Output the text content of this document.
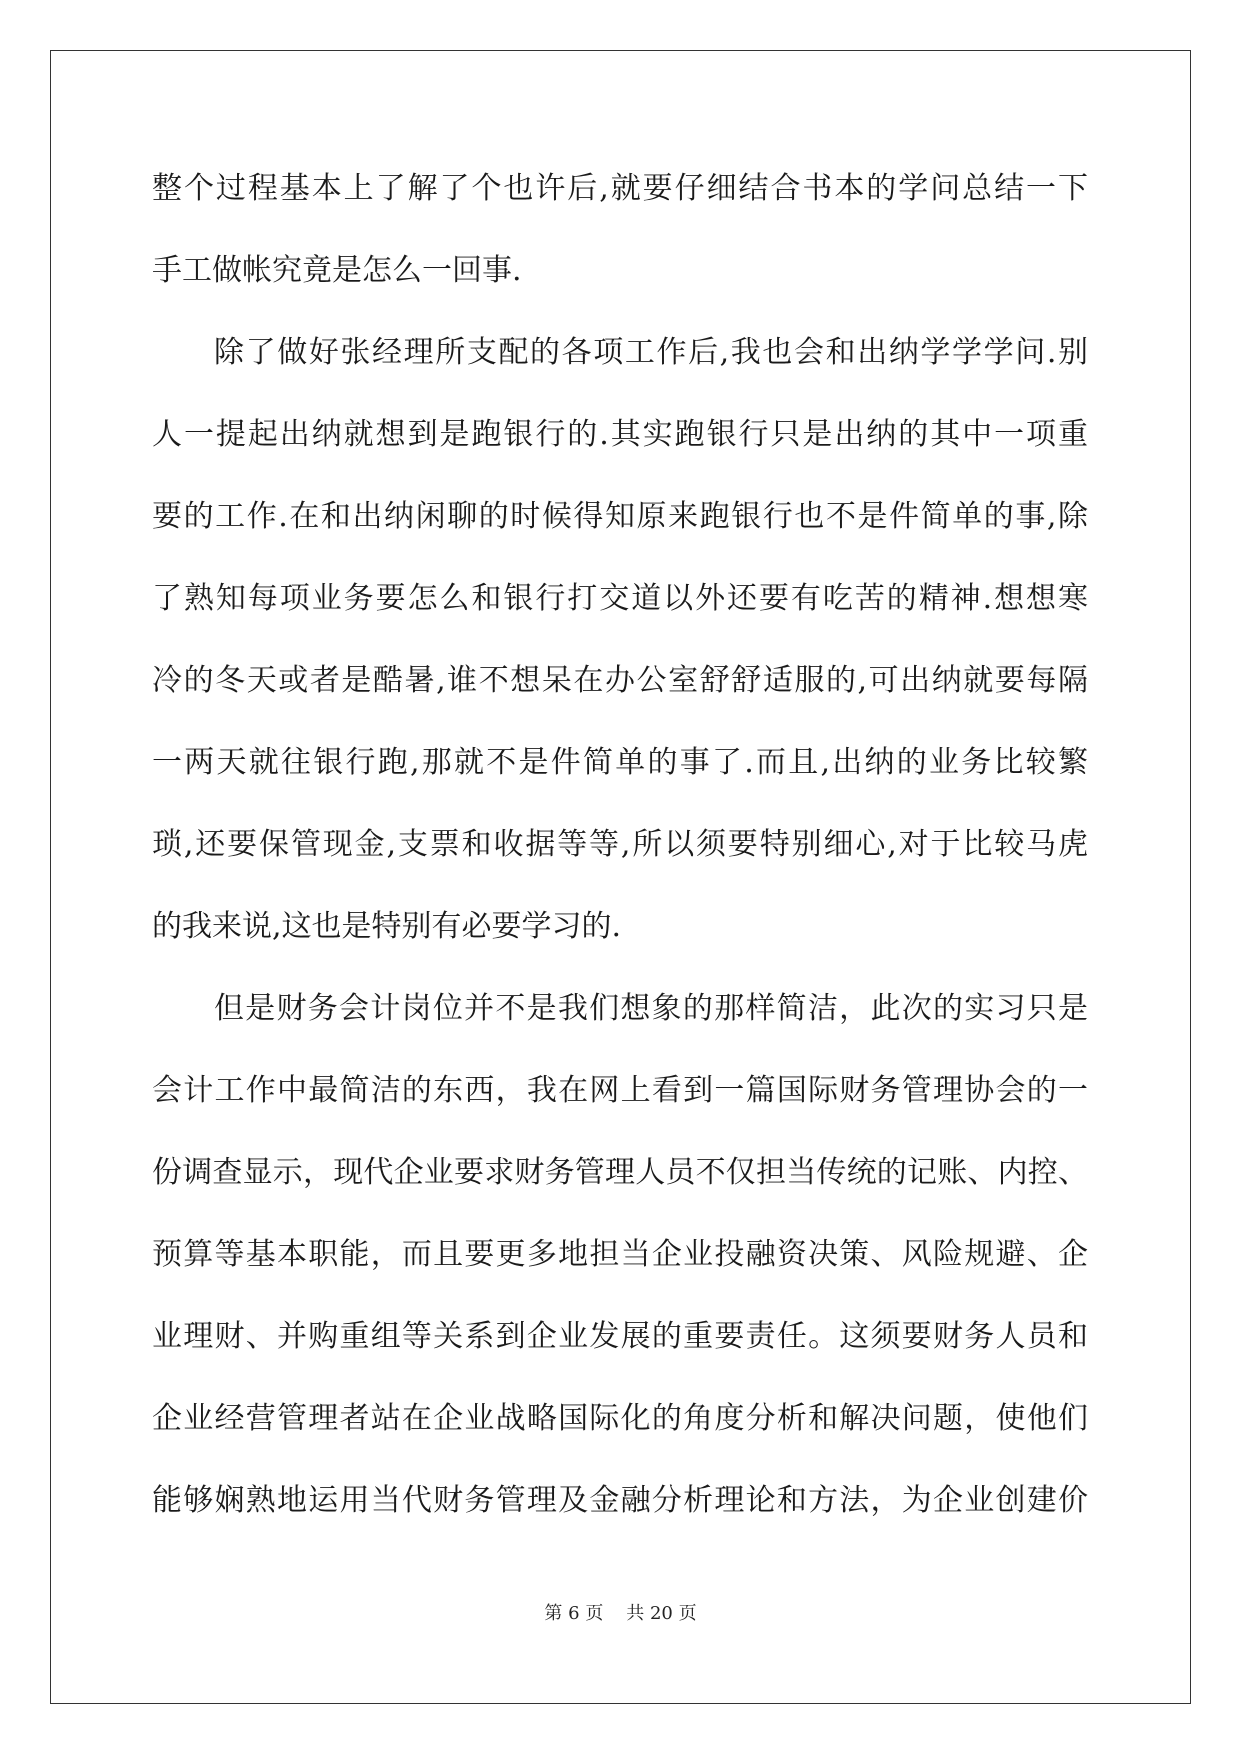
整个过程基本上了解了个也许后,就要仔细结合书本的学问总结一下
手工做帐究竟是怎么一回事.
除了做好张经理所支配的各项工作后,我也会和出纳学学学问.别
人一提起出纳就想到是跑银行的.其实跑银行只是出纳的其中一项重
要的工作.在和出纳闲聊的时候得知原来跑银行也不是件简单的事,除
了熟知每项业务要怎么和银行打交道以外还要有吃苦的精神.想想寒
冷的冬天或者是酷暑,谁不想呆在办公室舒舒适服的,可出纳就要每隔
一两天就往银行跑,那就不是件简单的事了.而且,出纳的业务比较繁
琐,还要保管现金,支票和收据等等,所以须要特别细心,对于比较马虎
的我来说,这也是特别有必要学习的.
但是财务会计岗位并不是我们想象的那样简洁，此次的实习只是
会计工作中最简洁的东西，我在网上看到一篇国际财务管理协会的一
份调查显示，现代企业要求财务管理人员不仅担当传统的记账、内控、
预算等基本职能，而且要更多地担当企业投融资决策、风险规避、企
业理财、并购重组等关系到企业发展的重要责任。这须要财务人员和
企业经营管理者站在企业战略国际化的角度分析和解决问题，使他们
能够娴熟地运用当代财务管理及金融分析理论和方法，为企业创建价
第 6 页 共 20 页
